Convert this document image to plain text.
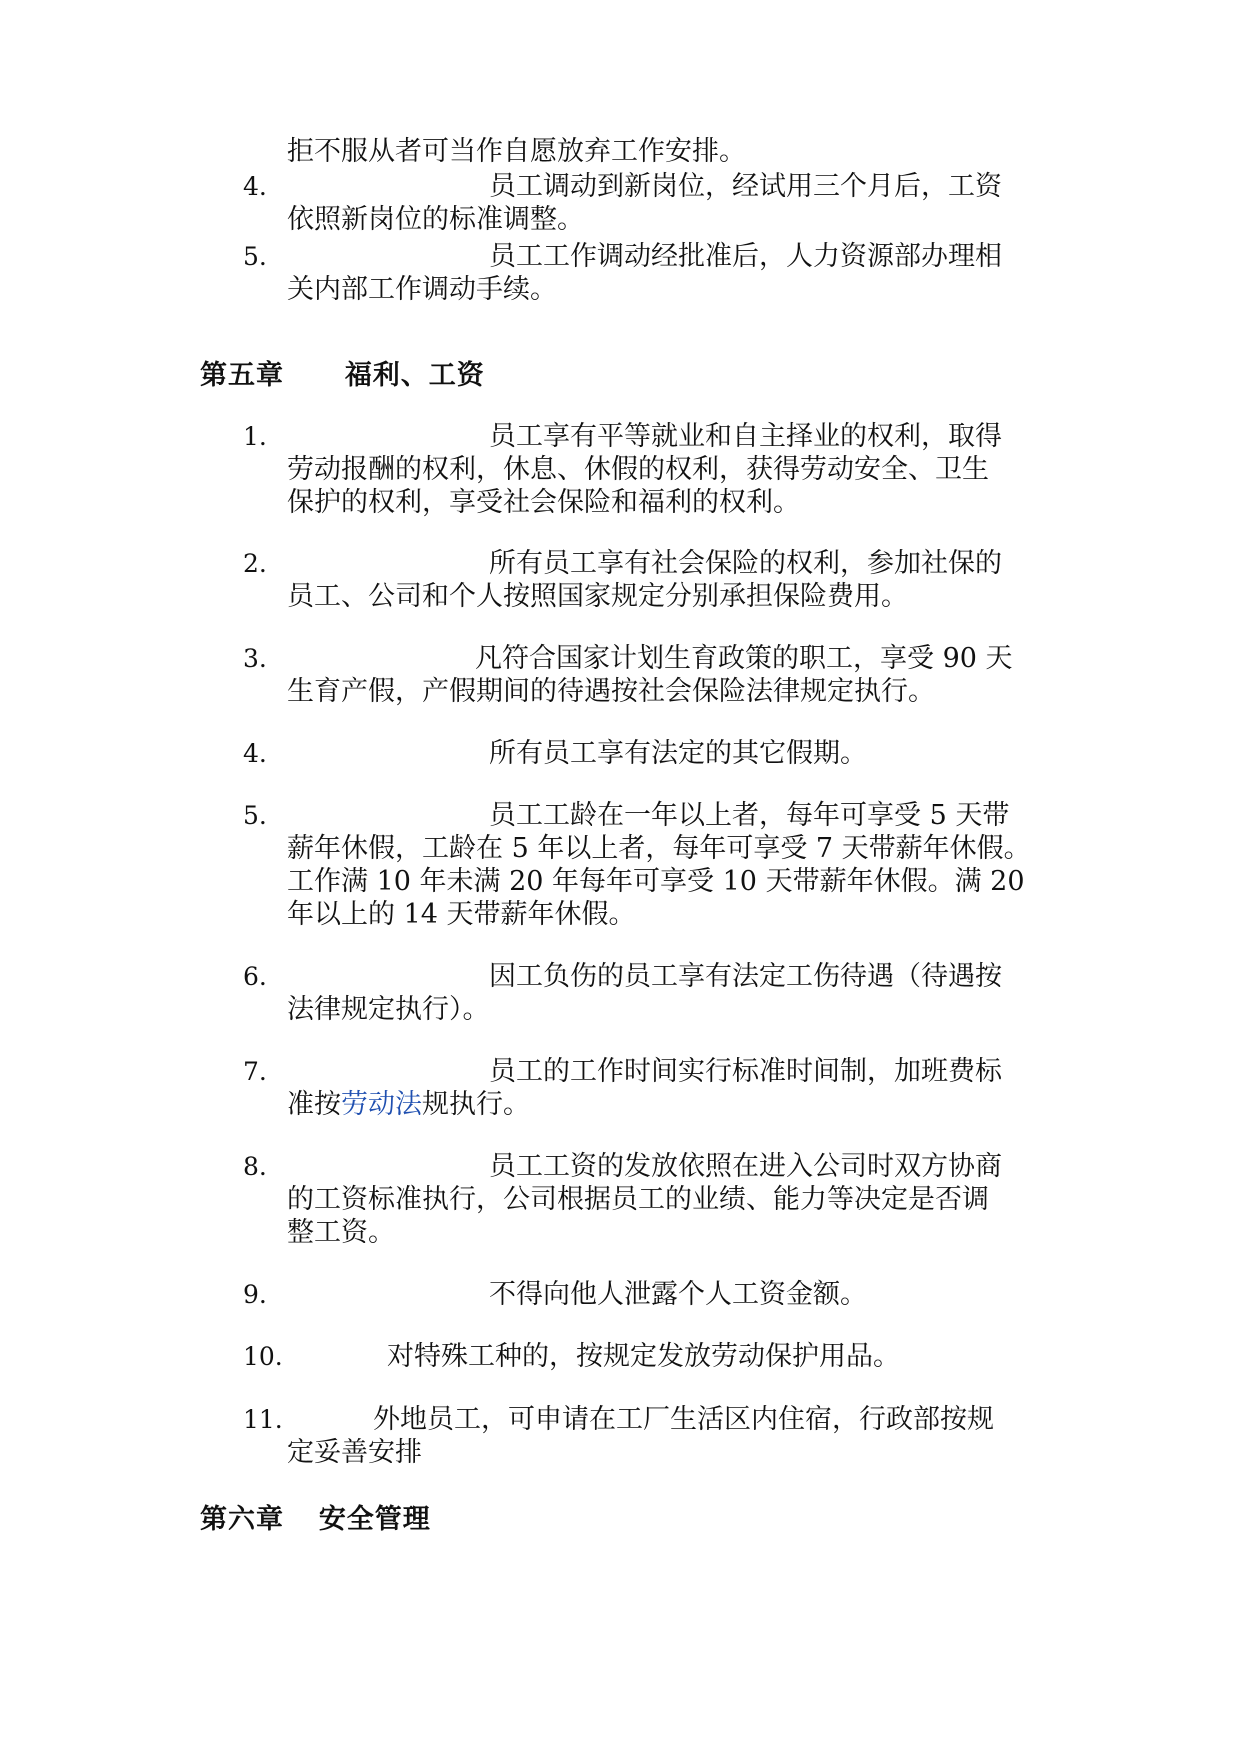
拒不服从者可当作自愿放弃工作安排。
4.	员工调动到新岗位，经试用三个月后，工资
依照新岗位的标准调整。
5.	员工工作调动经批准后，人力资源部办理相
关内部工作调动手续。
第五章 福利、工资
1.	员工享有平等就业和自主择业的权利，取得
劳动报酬的权利，休息、休假的权利，获得劳动安全、卫生
保护的权利，享受社会保险和福利的权利。
2.	所有员工享有社会保险的权利，参加社保的
员工、公司和个人按照国家规定分别承担保险费用。
3.	凡符合国家计划生育政策的职工，享受 90 天
生育产假，产假期间的待遇按社会保险法律规定执行。
4.	所有员工享有法定的其它假期。
5.	员工工龄在一年以上者，每年可享受 5 天带
薪年休假，工龄在 5 年以上者，每年可享受 7 天带薪年休假。
工作满 10 年未满 20 年每年可享受 10 天带薪年休假。满 20
年以上的 14 天带薪年休假。
6.	因工负伤的员工享有法定工伤待遇（待遇按
法律规定执行）。
7.	员工的工作时间实行标准时间制，加班费标
准按劳动法规执行。
8.	员工工资的发放依照在进入公司时双方协商
的工资标准执行，公司根据员工的业绩、能力等决定是否调
整工资。
9.	不得向他人泄露个人工资金额。
10.	对特殊工种的，按规定发放劳动保护用品。
11.	外地员工，可申请在工厂生活区内住宿，行政部按规
定妥善安排
第六章 安全管理
